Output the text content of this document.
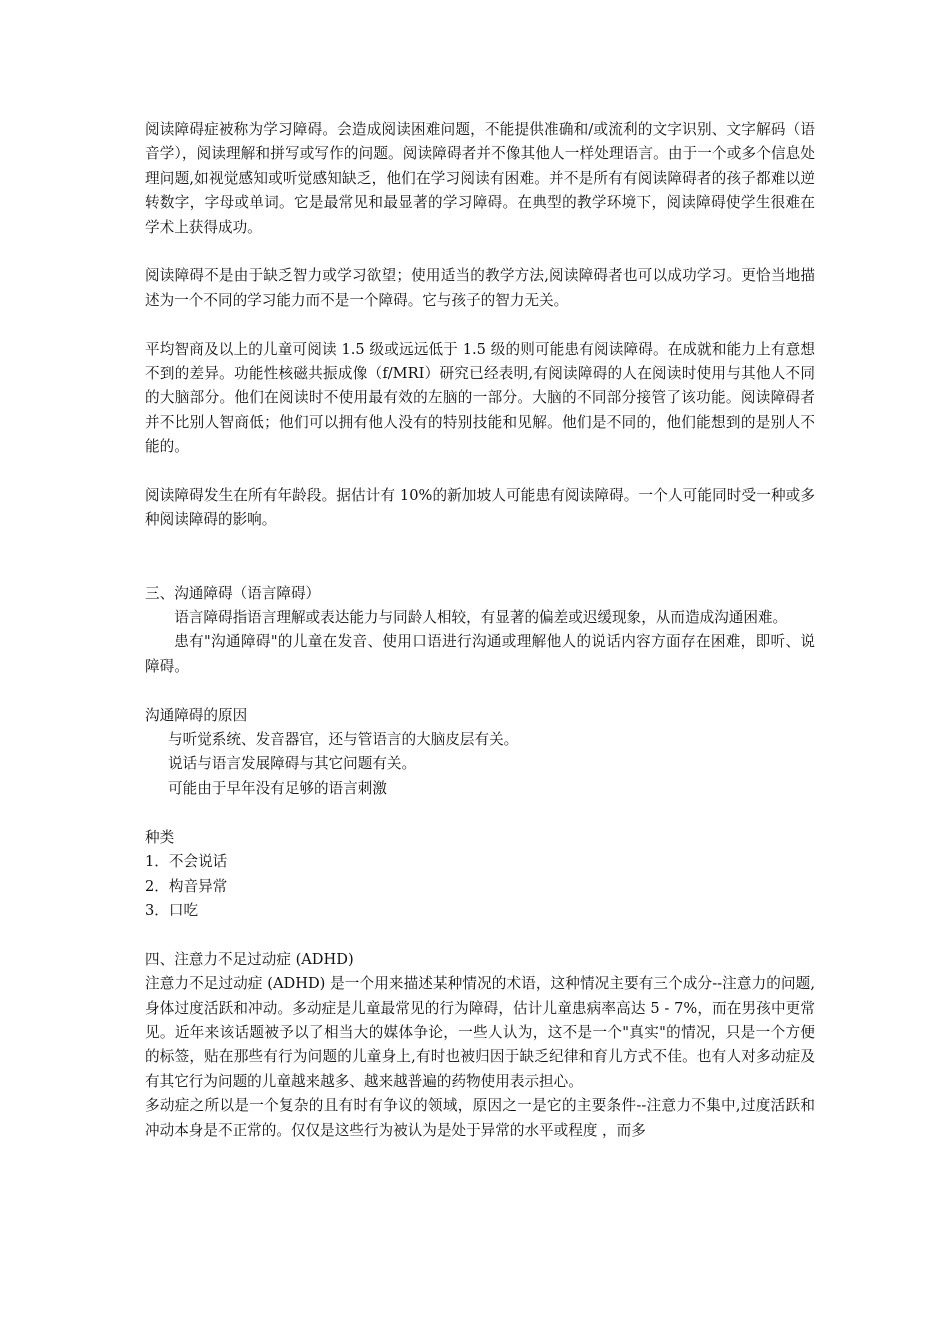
阅读障碍症被称为学习障碍。会造成阅读困难问题，不能提供准确和/或流利的文字识别、文字解码（语音学），阅读理解和拼写或写作的问题。阅读障碍者并不像其他人一样处理语言。由于一个或多个信息处理问题,如视觉感知或听觉感知缺乏，他们在学习阅读有困难。并不是所有有阅读障碍者的孩子都难以逆转数字，字母或单词。它是最常见和最显著的学习障碍。在典型的教学环境下，阅读障碍使学生很难在学术上获得成功。

阅读障碍不是由于缺乏智力或学习欲望；使用适当的教学方法,阅读障碍者也可以成功学习。更恰当地描述为一个不同的学习能力而不是一个障碍。它与孩子的智力无关。

平均智商及以上的儿童可阅读 1.5 级或远远低于 1.5 级的则可能患有阅读障碍。在成就和能力上有意想不到的差异。功能性核磁共振成像（f/MRI）研究已经表明,有阅读障碍的人在阅读时使用与其他人不同的大脑部分。他们在阅读时不使用最有效的左脑的一部分。大脑的不同部分接管了该功能。阅读障碍者并不比别人智商低；他们可以拥有他人没有的特别技能和见解。他们是不同的，他们能想到的是别人不能的。

阅读障碍发生在所有年龄段。据估计有 10%的新加坡人可能患有阅读障碍。一个人可能同时受一种或多种阅读障碍的影响。

三、沟通障碍（语言障碍）

语言障碍指语言理解或表达能力与同龄人相较，有显著的偏差或迟缓现象，从而造成沟通困难。

患有"沟通障碍"的儿童在发音、使用口语进行沟通或理解他人的说话内容方面存在困难，即听、说障碍。

沟通障碍的原因

与听觉系统、发音器官，还与管语言的大脑皮层有关。

说话与语言发展障碍与其它问题有关。

可能由于早年没有足够的语言刺激

种类

1．不会说话

2．构音异常

3．口吃

四、注意力不足过动症 (ADHD)

注意力不足过动症 (ADHD) 是一个用来描述某种情况的术语，这种情况主要有三个成分--注意力的问题,身体过度活跃和冲动。多动症是儿童最常见的行为障碍，估计儿童患病率高达 5 - 7%，而在男孩中更常见。近年来该话题被予以了相当大的媒体争论，一些人认为，这不是一个"真实"的情况，只是一个方便的标签，贴在那些有行为问题的儿童身上,有时也被归因于缺乏纪律和育儿方式不佳。也有人对多动症及有其它行为问题的儿童越来越多、越来越普遍的药物使用表示担心。

多动症之所以是一个复杂的且有时有争议的领域，原因之一是它的主要条件--注意力不集中,过度活跃和冲动本身是不正常的。仅仅是这些行为被认为是处于异常的水平或程度 ，而多
